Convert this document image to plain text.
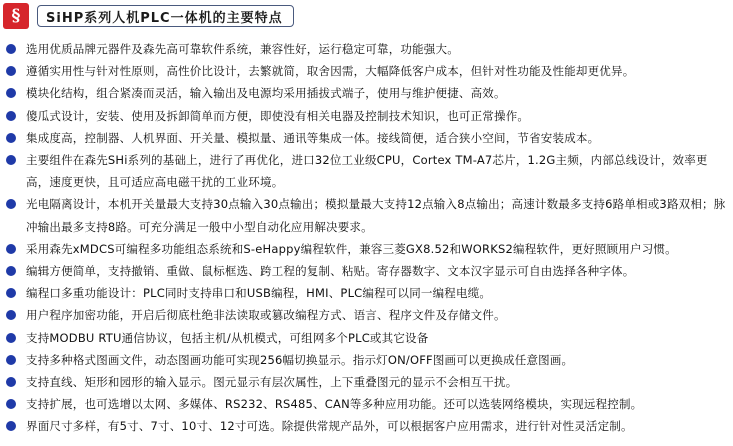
§	SiHP系列人机PLC一体机的主要特点
选用优质品牌元器件及森先高可靠软件系统，兼容性好，运行稳定可靠，功能强大。
遵循实用性与针对性原则，高性价比设计，去繁就简，取舍因需，大幅降低客户成本，但针对性功能及性能却更优异。
模块化结构，组合紧凑而灵活，输入输出及电源均采用插拔式端子，使用与维护便捷、高效。
傻瓜式设计，安装、使用及拆卸简单而方便，即使没有相关电器及控制技术知识，也可正常操作。
集成度高，控制器、人机界面、开关量、模拟量、通讯等集成一体。接线简便，适合狭小空间，节省安装成本。
主要组件在森先SHi系列的基础上，进行了再优化，进口32位工业级CPU，Cortex TM-A7芯片，1.2G主频，内部总线设计，效率更高，速度更快，且可适应高电磁干扰的工业环境。
光电隔离设计，本机开关量最大支持30点输入30点输出；模拟量最大支持12点输入8点输出；高速计数最多支持6路单相或3路双相；脉冲输出最多支持8路。可充分满足一般中小型自动化应用解决要求。
采用森先xMDCS可编程多功能组态系统和S-eHappy编程软件，兼容三菱GX8.52和WORKS2编程软件，更好照顾用户习惯。
编辑方便简单，支持撤销、重做、鼠标框选、跨工程的复制、粘贴。寄存器数字、文本汉字显示可自由选择各种字体。
编程口多重功能设计：PLC同时支持串口和USB编程，HMI、PLC编程可以同一编程电缆。
用户程序加密功能，开启后彻底杜绝非法读取或篡改编程方式、语言、程序文件及存储文件。
支持MODBU RTU通信协议，包括主机/从机模式，可组网多个PLC或其它设备
支持多种格式图画文件，动态图画功能可实现256幅切换显示。指示灯ON/OFF图画可以更换成任意图画。
支持直线、矩形和园形的输入显示。图元显示有层次属性，上下重叠图元的显示不会相互干扰。
支持扩展，也可选增以太网、多媒体、RS232、RS485、CAN等多种应用功能。还可以选装网络模块，实现远程控制。
界面尺寸多样，有5寸、7寸、10寸、12寸可选。除提供常规产品外，可以根据客户应用需求，进行针对性灵活定制。
